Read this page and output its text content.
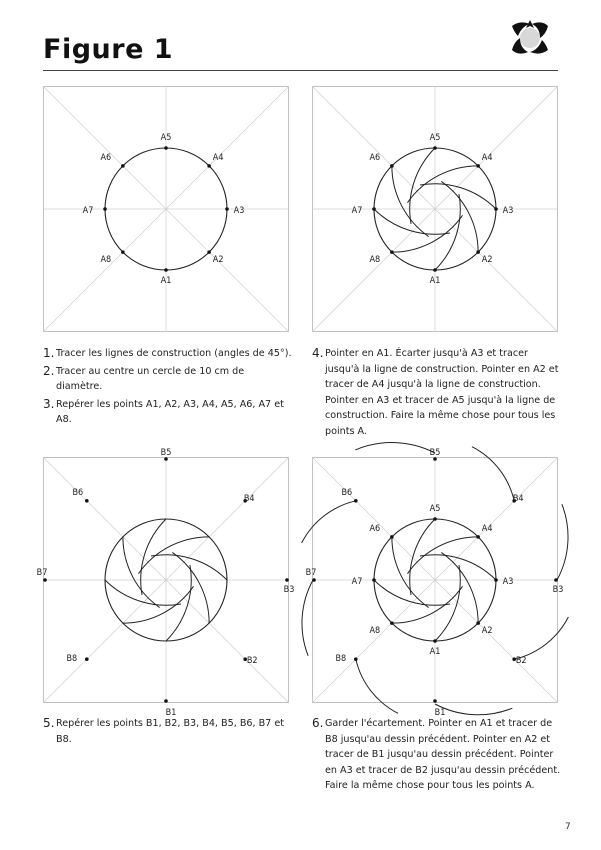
Figure 1
A1
A2
A3
A4
A5
A6
A7
A8
A1
A2
A3
A4
A5
A6
A7
A8
B1
B2
B3
B4
B5
B6
B7
B8
A1
A2
A3
A4
A5
A6
A7
A8
B1
B2
B3
B4
B5
B6
B7
B8
1. Tracer les lignes de construction (angles de 45°).
2. Tracer au centre un cercle de 10 cm de diamètre.
3. Repérer les points A1, A2, A3, A4, A5, A6, A7 et A8.
4. Pointer en A1. Écarter jusqu'à A3 et tracer jusqu'à la ligne de construction. Pointer en A2 et tracer de A4 jusqu'à la ligne de construction. Pointer en A3 et tracer de A5 jusqu'à la ligne de construction. Faire la même chose pour tous les points A.
5. Repérer les points B1, B2, B3, B4, B5, B6, B7 et B8.
6. Garder l'écartement. Pointer en A1 et tracer de B8 jusqu'au dessin précédent. Pointer en A2 et tracer de B1 jusqu'au dessin précédent. Pointer en A3 et tracer de B2 jusqu'au dessin précédent. Faire la même chose pour tous les points A.
7
